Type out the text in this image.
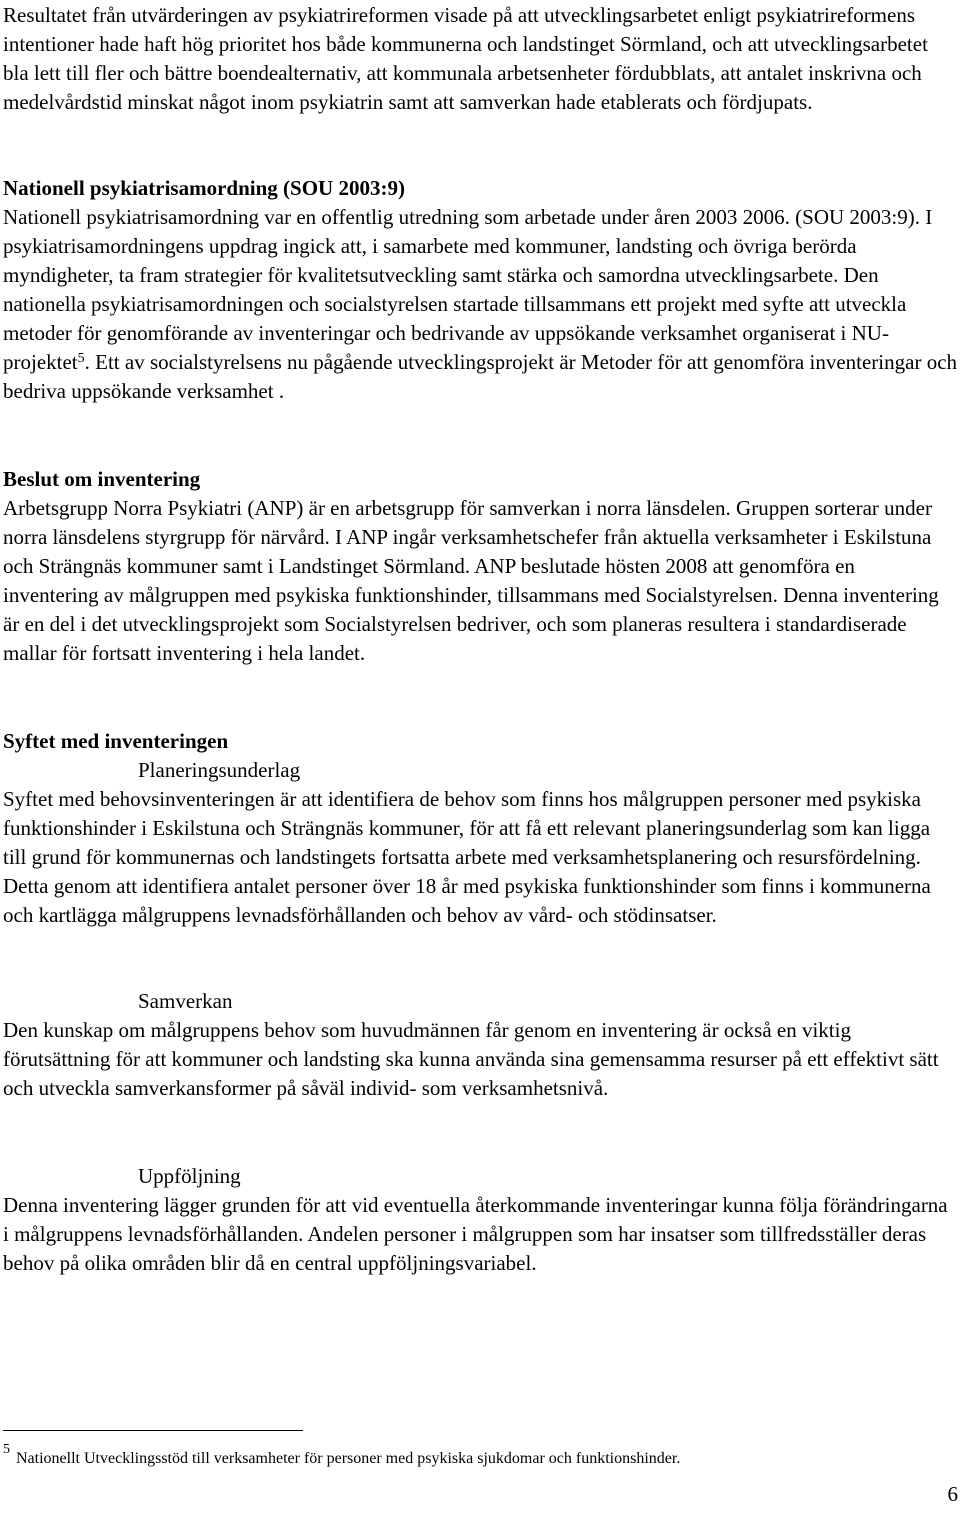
Resultatet från utvärderingen av psykiatrireformen visade på att utvecklingsarbetet enligt psykiatrireformens intentioner hade haft hög prioritet hos både kommunerna och landstinget Sörmland, och att utvecklingsarbetet bla lett till fler och bättre boendealternativ, att kommunala arbetsenheter fördubblats, att antalet inskrivna och medelvårdstid minskat något inom psykiatrin samt att samverkan hade etablerats och fördjupats.

Nationell psykiatrisamordning (SOU 2003:9)

Nationell psykiatrisamordning var en offentlig utredning som arbetade under åren 2003 2006. (SOU 2003:9). I psykiatrisamordningens uppdrag ingick att, i samarbete med kommuner, landsting och övriga berörda myndigheter, ta fram strategier för kvalitetsutveckling samt stärka och samordna utvecklingsarbete. Den nationella psykiatrisamordningen och socialstyrelsen startade tillsammans ett projekt med syfte att utveckla metoder för genomförande av inventeringar och bedrivande av uppsökande verksamhet organiserat i NU-projektet$^5$. Ett av socialstyrelsens nu pågående utvecklingsprojekt är Metoder för att genomföra inventeringar och bedriva uppsökande verksamhet .

Beslut om inventering

Arbetsgrupp Norra Psykiatri (ANP) är en arbetsgrupp för samverkan i norra länsdelen. Gruppen sorterar under norra länsdelens styrgrupp för närvård. I ANP ingår verksamhetschefer från aktuella verksamheter i Eskilstuna och Strängnäs kommuner samt i Landstinget Sörmland. ANP beslutade hösten 2008 att genomföra en inventering av målgruppen med psykiska funktionshinder, tillsammans med Socialstyrelsen. Denna inventering är en del i det utvecklingsprojekt som Socialstyrelsen bedriver, och som planeras resultera i standardiserade mallar för fortsatt inventering i hela landet.

Syftet med inventeringen

Planeringsunderlag

Syftet med behovsinventeringen är att identifiera de behov som finns hos målgruppen personer med psykiska funktionshinder i Eskilstuna och Strängnäs kommuner, för att få ett relevant planeringsunderlag som kan ligga till grund för kommunernas och landstingets fortsatta arbete med verksamhetsplanering och resursfördelning. Detta genom att identifiera antalet personer över 18 år med psykiska funktionshinder som finns i kommunerna och kartlägga målgruppens levnadsförhållanden och behov av vård- och stödinsatser.

Samverkan

Den kunskap om målgruppens behov som huvudmännen får genom en inventering är också en viktig förutsättning för att kommuner och landsting ska kunna använda sina gemensamma resurser på ett effektivt sätt och utveckla samverkansformer på såväl individ- som verksamhetsnivå.

Uppföljning

Denna inventering lägger grunden för att vid eventuella återkommande inventeringar kunna följa förändringarna i målgruppens levnadsförhållanden. Andelen personer i målgruppen som har insatser som tillfredsställer deras behov på olika områden blir då en central uppföljningsvariabel.

5Nationellt Utvecklingsstöd till verksamheter för personer med psykiska sjukdomar och funktionshinder.

6
